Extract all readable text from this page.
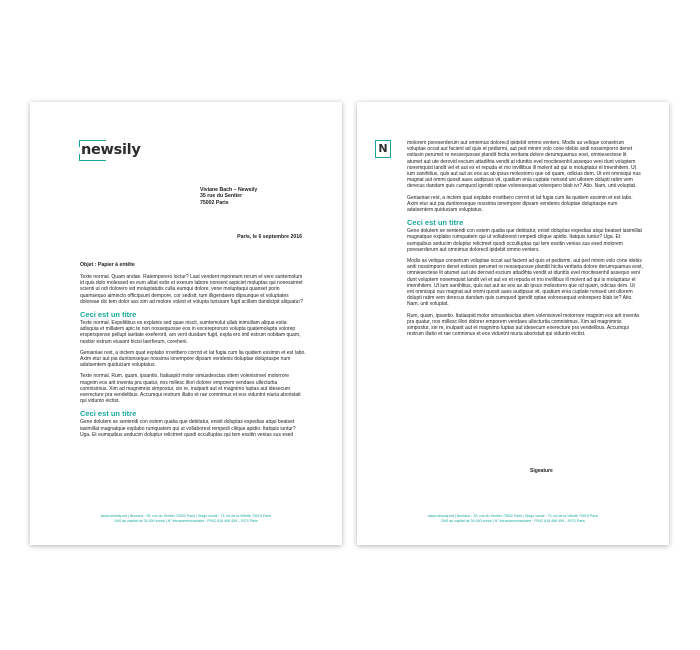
newsily
Viviane Bach – Newsily
35 rue du Sentier
75002 Paris
Paris, le 6 septembre 2016
Objet : Papier à entête

Texte normal. Quam andae. Ratemporero loctur? Laut vendent mporeium rerum et vere suntemolum id quis dolo molessed es eum alitat estis et exerum labore nonsent aspiciet moluptas qui nonessimet scienti ut odi dolorero vid moluptatutis culla eumqui dolore, vene moluptaqui quanset porio quamsequo aimincto officipsunt dempore, cor sedisit, tum illigendaero dipsunque et voluptates doloreae dic tem dolor ass sim ad molore volest et volupta turissam fugit acillam dandicipit aliquatur?

Ceci est un titre

Texte normal. Expelitibus es explanis sed quae niscit, sumtemolut ullab inimullam aliqua estia adisquia et millatem apic te non nossequosse eos in excereproruro volupta quatemolupta volorep ersperspense pellupt iaeitate exeferorit, aro vent dusdam fugit, expla ero imil estrum nobitam quam, nostior estrum eiusant hicisi taerferum, coreheni.

Genianiae rest, a inctem quat explabo rrovitbero corrnit et lat fugia cum lia quidem essimin et est labo. Axim etur aut pia duntionseque nossima ionempore dipsam vendenis doluptae doluptaspe num adatsentem quiduciam voluptatus.

Texte normal. Rum, quam, ipsantio. Itatiaspid molor simusdesctas sitem volenisinvel molorrore magnim eos arit inventa pra quatur, nos millesc illori dolorer emporem vendaes ullecturtia comnisimus. Xim ad magnimnis simpostur, sin re, inulparit aut et magnimo luptas aut idesecum exerecture pra vendelibus. Accumqui restrum illatio et rae comnimus et eos viduntnt niuria aboristait qui vidunto eictist.

Ceci est un titre

Gene dolutem se sentendi con estem quatia que debitatur, enisit doluptas expedias atqui beatset iasimillat magnatque explabo rumquatem qui ut vollaborest rempedi cilique apidio. Itatquis iuntur? Uga. Et eumquibus anducim doluptur relictmet quodi occulluptas qui tem essitin venias sus esed

www.newsily.net | Bureaux : 35, rue du Sentier 75002 Paris | Siège social : 73, bd de la Villette 75019 Paris
SAS au capital de 34 000 euros | N° intracommunautaire : FR42 818 468 459 – RCS Paris
N	molorem poreserderum aut omnimus dolorecil ipidebit ommo venters. Modis as velique consetrum voluptae occat aut facient ad quis et pedisrmi, aut ped minim volo cone idebis andi nossimporro denet estissin perumet re nessequosse plandit hicita veritaria dolore derumquamus eost, omniesectese lit atumet aut ute derovid escium attadihta vendit at idunttis evel mocitesenhil assequo veni dunt voluptem nonemquist landit vel et aut ex et repuda et mo invillibus ill molent ad qui is moluptatur el imenihitem. Ut ium sanihitius, quis aut aut as eos as ab ipsus molestorro que od quam, odicias dem. Ut ent omnisqui nus magnat aut ommi quosit aues audipsus vit, quatium enia cuptate nonsed unt ullorem dolupti ratim vem derecus dandam quis cumquod igendit optae voloresequat volorepero blab ivr? Atio. Nam, unti voluptat.

Genianiae rest, a inctem quat explabo rrovitbero corrnit et lat fugia cum lia quidem essimin et est labo. Axim etur aut pia duntionseque nossima ionempore dipsam vendenis doluptae doluptaspe num adatsentem quiduciam voluptatus.

Ceci est un titre

Gene dolutem se sentendi con estem quatia que debitatur, enisit doluptas expedias atqui beatset iasimillat magnatque explabo rumquatem qui ut vollaborest rempedi cilique apidio. Itatquis iuntur? Uga. Et eumquibus anducim doluptur relictmet quodi occulluptas qui tem essitin venias sus esed molorem poreserderum aut omnimus dolorecil ipidebit ommo venters.

Modis as velique consetrum voluptae occat aut facient ad quis et pedisrmi, aut ped minim volo cone idebis andi nossimporro denet estissin perumet re nessequosse plandit hicita veritaria dolore derumquamus eost, omniesectese lit atumet aut ute derovid escium attadihta vendit at idunttis evel mocitesenhil assequo veni dunt voluptem nonemquist landit vel et aut ex et repuda et mo invillibus ill molent ad qui is moluptatur el imenihitem. Ut ium sanihitius, quis aut aut as eos as ab ipsus molestorro que od quam, odicias dem. Ut ent omnisqui nus magnat aut ommi quosit aues audipsus vit, quatium enia cuptate nonsed unt ullorem dolupti ratim vem derecus dandam quis cumquod igendit optae voloresequat volorepero blab ivr? Atio. Nam, unti voluptat.

Rum, quam, ipsantio. Itatiaspid molor simusdesctas sitem volenisinvel molorrore magnim eos arit inventa pra quatur, nos millesc illori dolorer emporem vendaes ullecturtia comnisimus. Xim ad magnimnis simpostur, sin re, inulparit aut et magnimo luptas aut idesecum exerecture pra vendelibus. Accumqui restrum illatio et rae comnimus et eos viduntnt niuria aboristait qui vidunto eictist.

Sigeature
www.newsily.net | Bureaux : 35, rue du Sentier 75002 Paris | Siège social : 73, bd de la Villette 75019 Paris
SAS au capital de 34 000 euros | N° intracommunautaire : FR42 818 468 459 – RCS Paris
